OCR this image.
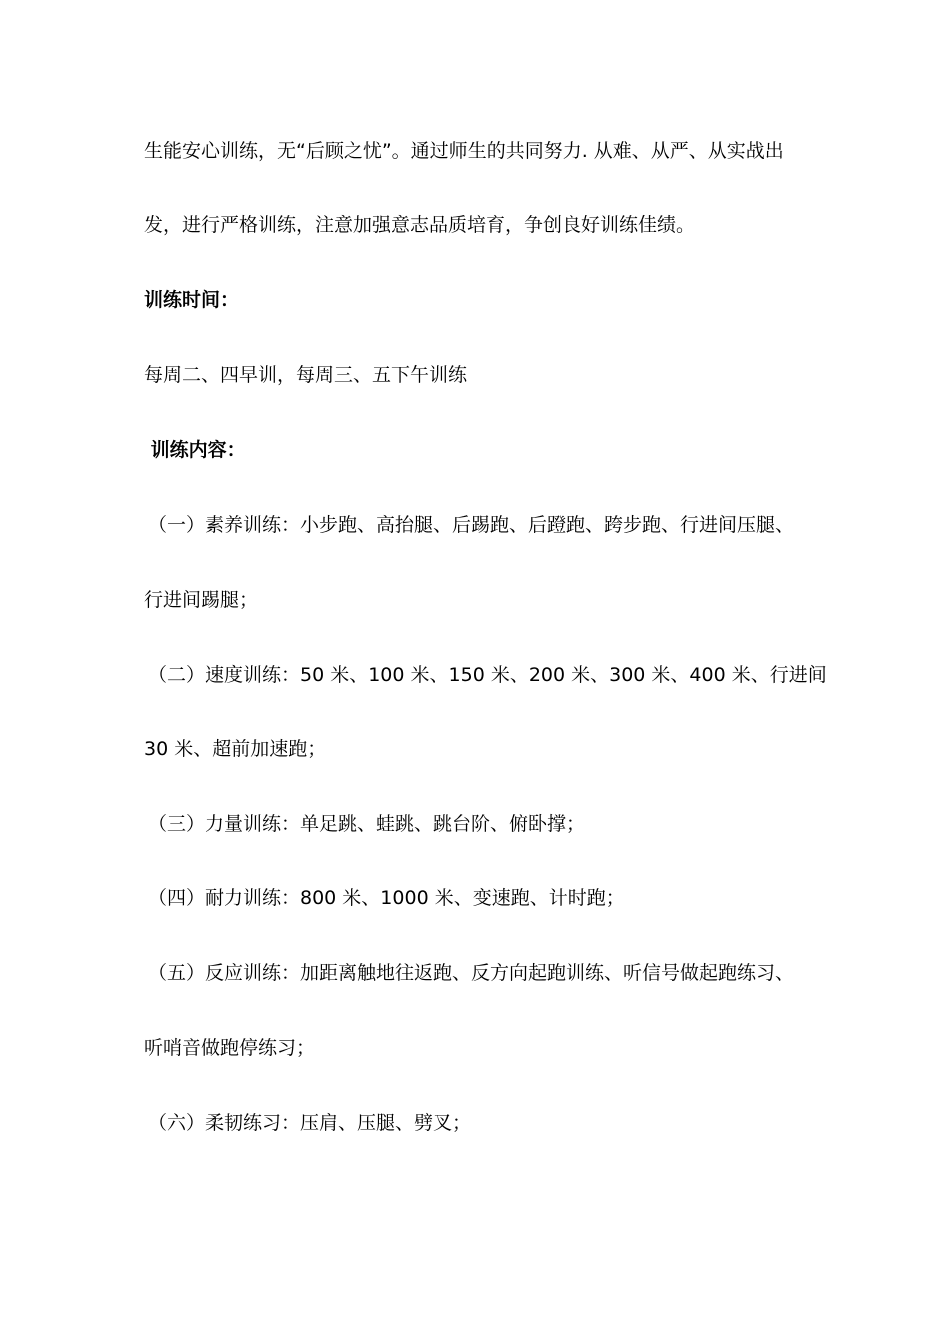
生能安心训练，无“后顾之忧”。通过师生的共同努力. 从难、从严、从实战出
发，进行严格训练，注意加强意志品质培育，争创良好训练佳绩。
训练时间：
每周二、四早训，每周三、五下午训练
训练内容：
（一）素养训练：小步跑、高抬腿、后踢跑、后蹬跑、跨步跑、行进间压腿、
行进间踢腿；
（二）速度训练：50 米、100 米、150 米、200 米、300 米、400 米、行进间
30 米、超前加速跑；
（三）力量训练：单足跳、蛙跳、跳台阶、俯卧撑；
（四）耐力训练：800 米、1000 米、变速跑、计时跑；
（五）反应训练：加距离触地往返跑、反方向起跑训练、听信号做起跑练习、
听哨音做跑停练习；
（六）柔韧练习：压肩、压腿、劈叉；
